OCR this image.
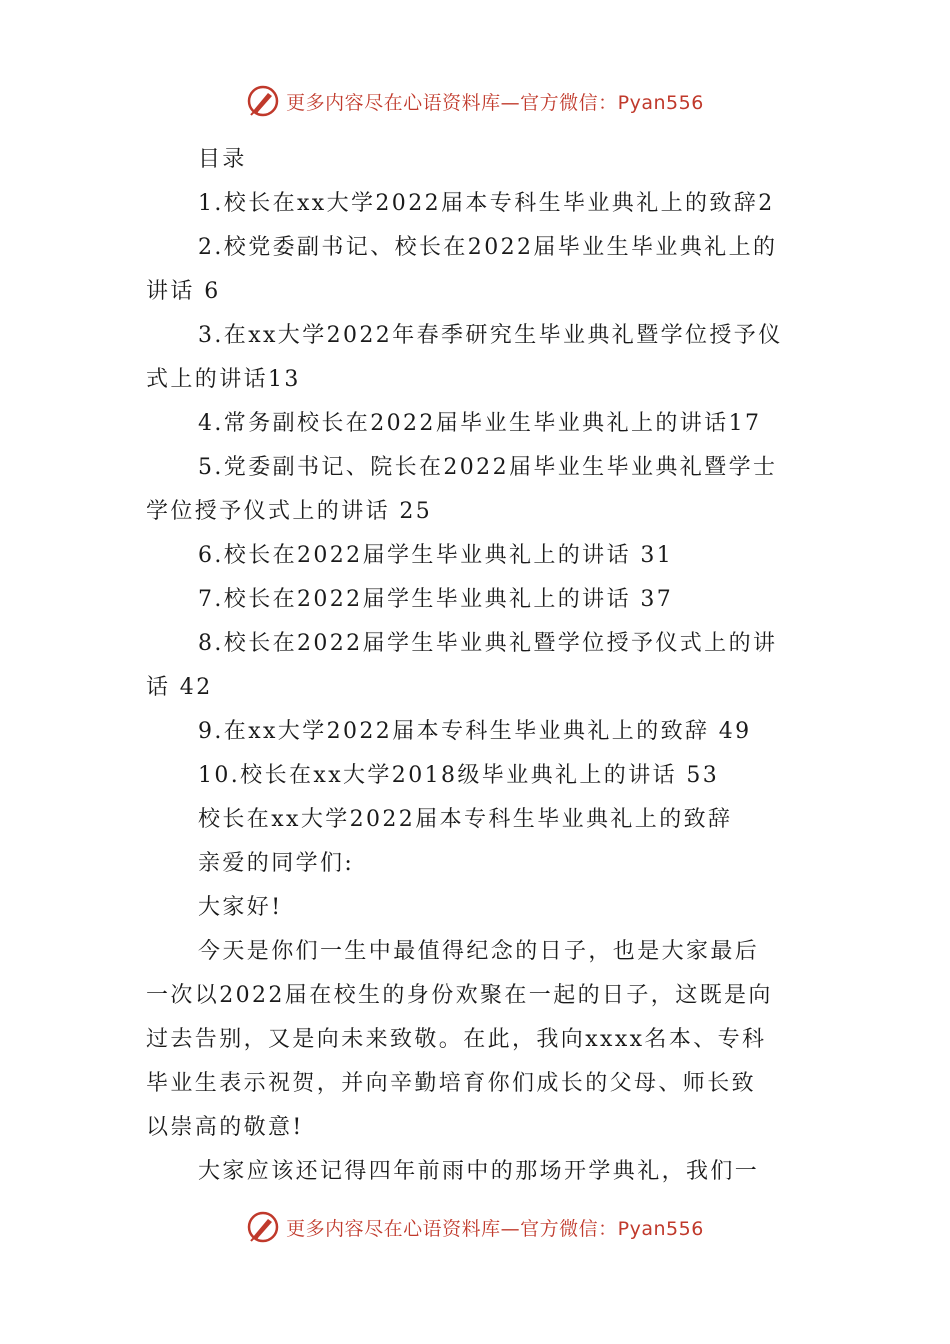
更多内容尽在心语资料库—官方微信：Pyan556
目录
1.校长在xx大学2022届本专科生毕业典礼上的致辞2
2.校党委副书记、校长在2022届毕业生毕业典礼上的
讲话 6
3.在xx大学2022年春季研究生毕业典礼暨学位授予仪
式上的讲话13
4.常务副校长在2022届毕业生毕业典礼上的讲话17
5.党委副书记、院长在2022届毕业生毕业典礼暨学士
学位授予仪式上的讲话 25
6.校长在2022届学生毕业典礼上的讲话 31
7.校长在2022届学生毕业典礼上的讲话 37
8.校长在2022届学生毕业典礼暨学位授予仪式上的讲
话 42
9.在xx大学2022届本专科生毕业典礼上的致辞 49
10.校长在xx大学2018级毕业典礼上的讲话 53
校长在xx大学2022届本专科生毕业典礼上的致辞
亲爱的同学们:
大家好!
今天是你们一生中最值得纪念的日子，也是大家最后
一次以2022届在校生的身份欢聚在一起的日子，这既是向
过去告别，又是向未来致敬。在此，我向xxxx名本、专科
毕业生表示祝贺，并向辛勤培育你们成长的父母、师长致
以崇高的敬意!
大家应该还记得四年前雨中的那场开学典礼，我们一
更多内容尽在心语资料库—官方微信：Pyan556
